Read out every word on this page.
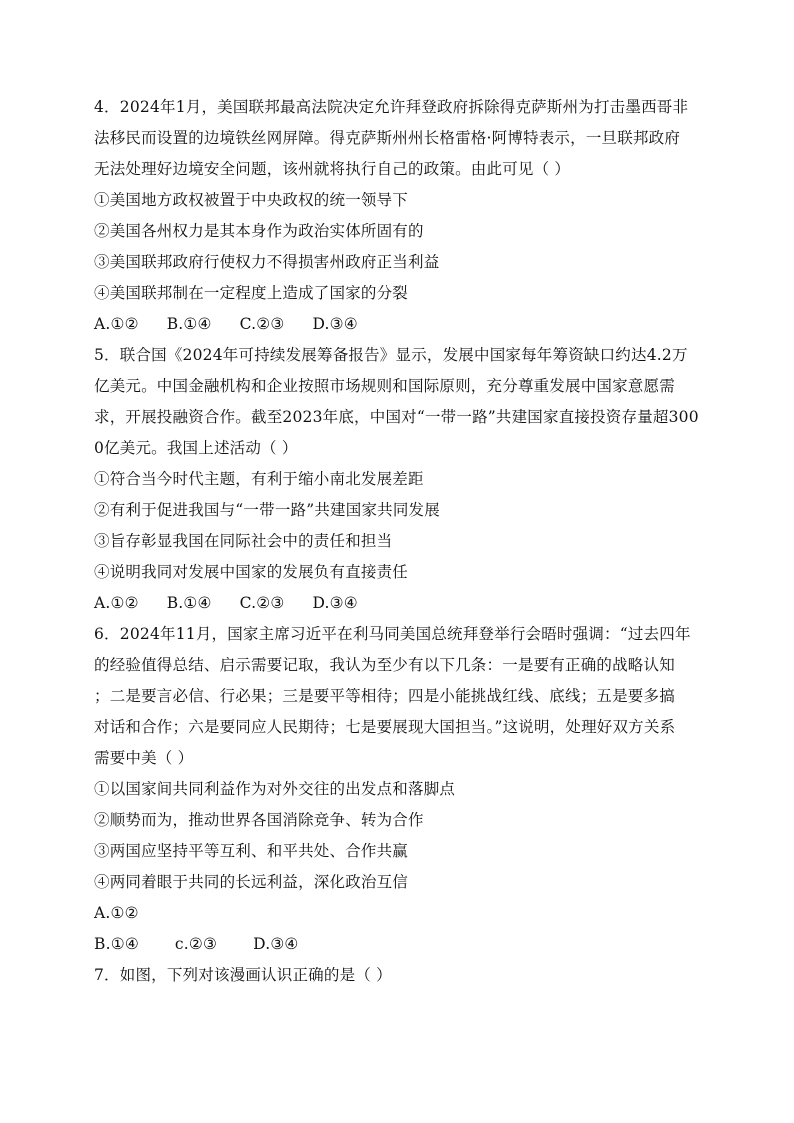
4．2024年1月，美国联邦最高法院决定允许拜登政府拆除得克萨斯州为打击墨西哥非
法移民而设置的边境铁丝网屏障。得克萨斯州州长格雷格·阿博特表示，一旦联邦政府
无法处理好边境安全问题，该州就将执行自己的政策。由此可见（ ）
①美国地方政权被置于中央政权的统一领导下
②美国各州权力是其本身作为政治实体所固有的
③美国联邦政府行使权力不得损害州政府正当利益
④美国联邦制在一定程度上造成了国家的分裂
A.①② B.①④ C.②③ D.③④
5．联合国《2024年可持续发展筹备报告》显示，发展中国家每年筹资缺口约达4.2万
亿美元。中国金融机构和企业按照市场规则和国际原则，充分尊重发展中国家意愿需
求，开展投融资合作。截至2023年底，中国对“一带一路”共建国家直接投资存量超300
0亿美元。我国上述活动（ ）
①符合当今时代主题，有利于缩小南北发展差距
②有利于促进我国与“一带一路”共建国家共同发展
③旨存彰显我国在同际社会中的责任和担当
④说明我同对发展中国家的发展负有直接责任
A.①② B.①④ C.②③ D.③④
6．2024年11月，国家主席习近平在利马同美国总统拜登举行会晤时强调：“过去四年
的经验值得总结、启示需要记取，我认为至少有以下几条：一是要有正确的战略认知
；二是要言必信、行必果；三是要平等相待；四是小能挑战红线、底线；五是要多搞
对话和合作；六是要同应人民期待；七是要展现大国担当。”这说明，处理好双方关系
需要中美（ ）
①以国家间共同利益作为对外交往的出发点和落脚点
②顺势而为，推动世界各国消除竞争、转为合作
③两国应坚持平等互利、和平共处、合作共赢
④两同着眼于共同的长远利益，深化政治互信
A.①②
B.①④ c.②③ D.③④
7．如图，下列对该漫画认识正确的是（ ）
